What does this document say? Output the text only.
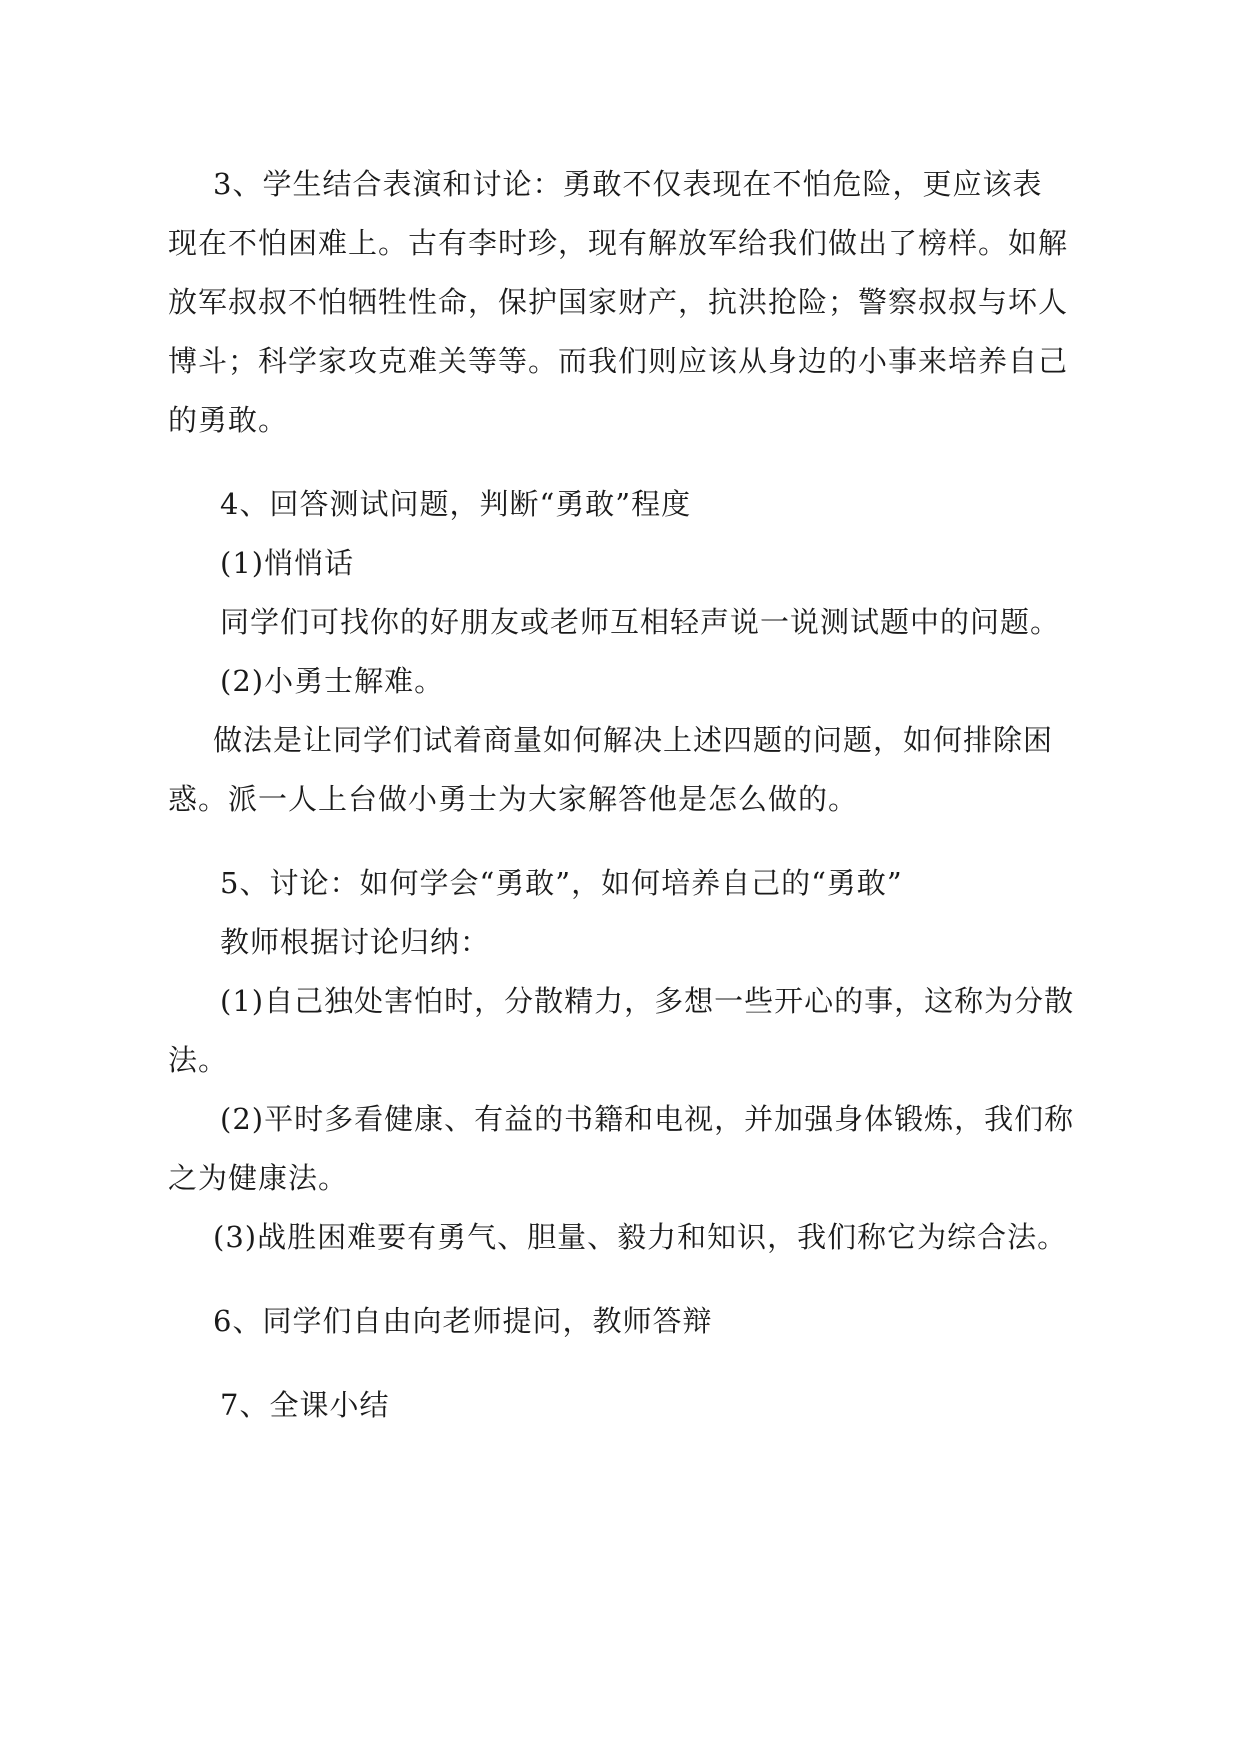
3、学生结合表演和讨论：勇敢不仅表现在不怕危险，更应该表
现在不怕困难上。古有李时珍，现有解放军给我们做出了榜样。如解
放军叔叔不怕牺牲性命，保护国家财产，抗洪抢险；警察叔叔与坏人
博斗；科学家攻克难关等等。而我们则应该从身边的小事来培养自己
的勇敢。
4、回答测试问题，判断“勇敢”程度
(1)悄悄话
同学们可找你的好朋友或老师互相轻声说一说测试题中的问题。
(2)小勇士解难。
做法是让同学们试着商量如何解决上述四题的问题，如何排除困
惑。派一人上台做小勇士为大家解答他是怎么做的。
5、讨论：如何学会“勇敢”，如何培养自己的“勇敢”
教师根据讨论归纳：
(1)自己独处害怕时，分散精力，多想一些开心的事，这称为分散
法。
(2)平时多看健康、有益的书籍和电视，并加强身体锻炼，我们称
之为健康法。
(3)战胜困难要有勇气、胆量、毅力和知识，我们称它为综合法。
6、同学们自由向老师提问，教师答辩
7、全课小结
